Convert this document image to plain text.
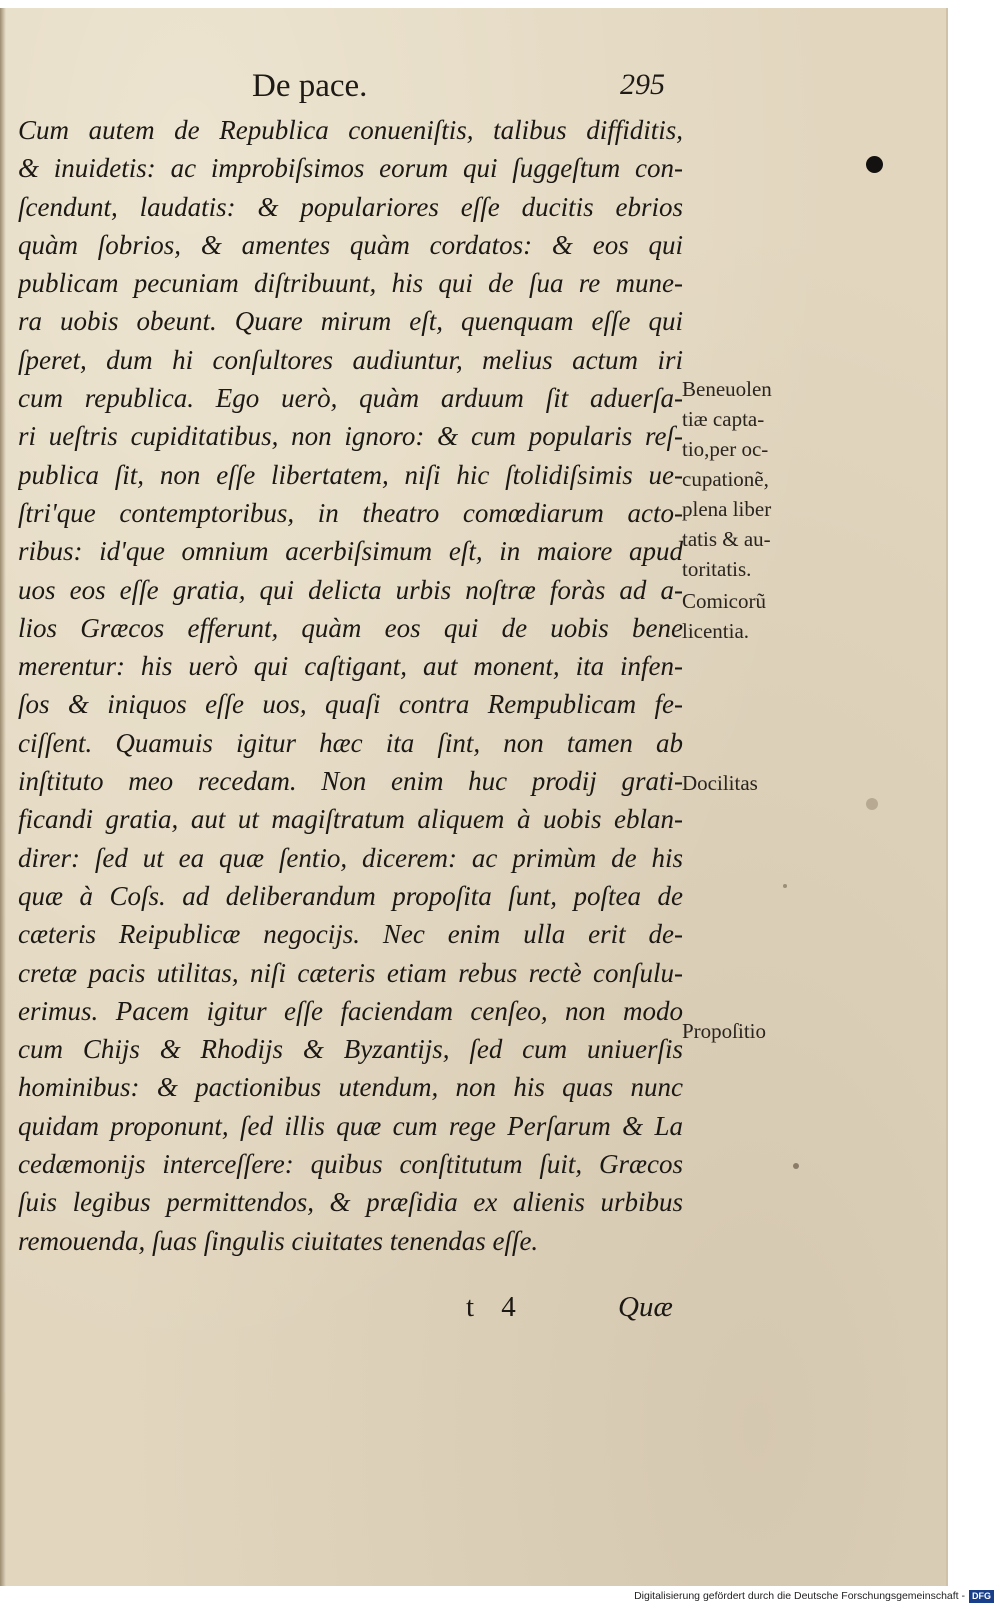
De pace.	295
Cum autem de Republica conueniſtis, talibus diffiditis,
& inuidetis: ac improbiſsimos eorum qui ſuggeſtum con-
ſcendunt, laudatis: & populariores eſſe ducitis ebrios
quàm ſobrios, & amentes quàm cordatos: & eos qui
publicam pecuniam diſtribuunt, his qui de ſua re mune-
ra uobis obeunt. Quare mirum eſt, quenquam eſſe qui
ſperet, dum hi conſultores audiuntur, melius actum iri
cum republica. Ego uerò, quàm arduum ſit aduerſa-
ri ueſtris cupiditatibus, non ignoro: & cum popularis reſ-
publica ſit, non eſſe libertatem, niſi hic ſtolidiſsimis ue-
ſtri'que contemptoribus, in theatro comœdiarum acto-
ribus: id'que omnium acerbiſsimum eſt, in maiore apud
uos eos eſſe gratia, qui delicta urbis noſtræ foràs ad a-
lios Græcos efferunt, quàm eos qui de uobis bene
merentur: his uerò qui caſtigant, aut monent, ita infen-
ſos & iniquos eſſe uos, quaſi contra Rempublicam fe-
ciſſent. Quamuis igitur hæc ita ſint, non tamen ab
inſtituto meo recedam. Non enim huc prodij grati-
ficandi gratia, aut ut magiſtratum aliquem à uobis eblan-
direr: ſed ut ea quæ ſentio, dicerem: ac primùm de his
quæ à Coſs. ad deliberandum propoſita ſunt, poſtea de
cæteris Reipublicæ negocijs. Nec enim ulla erit de-
cretæ pacis utilitas, niſi cæteris etiam rebus rectè conſulu-
erimus. Pacem igitur eſſe faciendam cenſeo, non modo
cum Chijs & Rhodijs & Byzantijs, ſed cum uniuerſis
hominibus: & pactionibus utendum, non his quas nunc
quidam proponunt, ſed illis quæ cum rege Perſarum & La
cedæmonijs interceſſere: quibus conſtitutum ſuit, Græcos
ſuis legibus permittendos, & præſidia ex alienis urbibus
remouenda, ſuas ſingulis ciuitates tenendas eſſe.
Beneuolen
tiæ capta-
tio,per oc-
cupationẽ,
plena liber
tatis & au-
toritatis.
Comicorũ
licentia.
Docilitas
Propoſitio
t 4	Quæ
Digitalisierung gefördert durch die Deutsche Forschungsgemeinschaft - DFG
